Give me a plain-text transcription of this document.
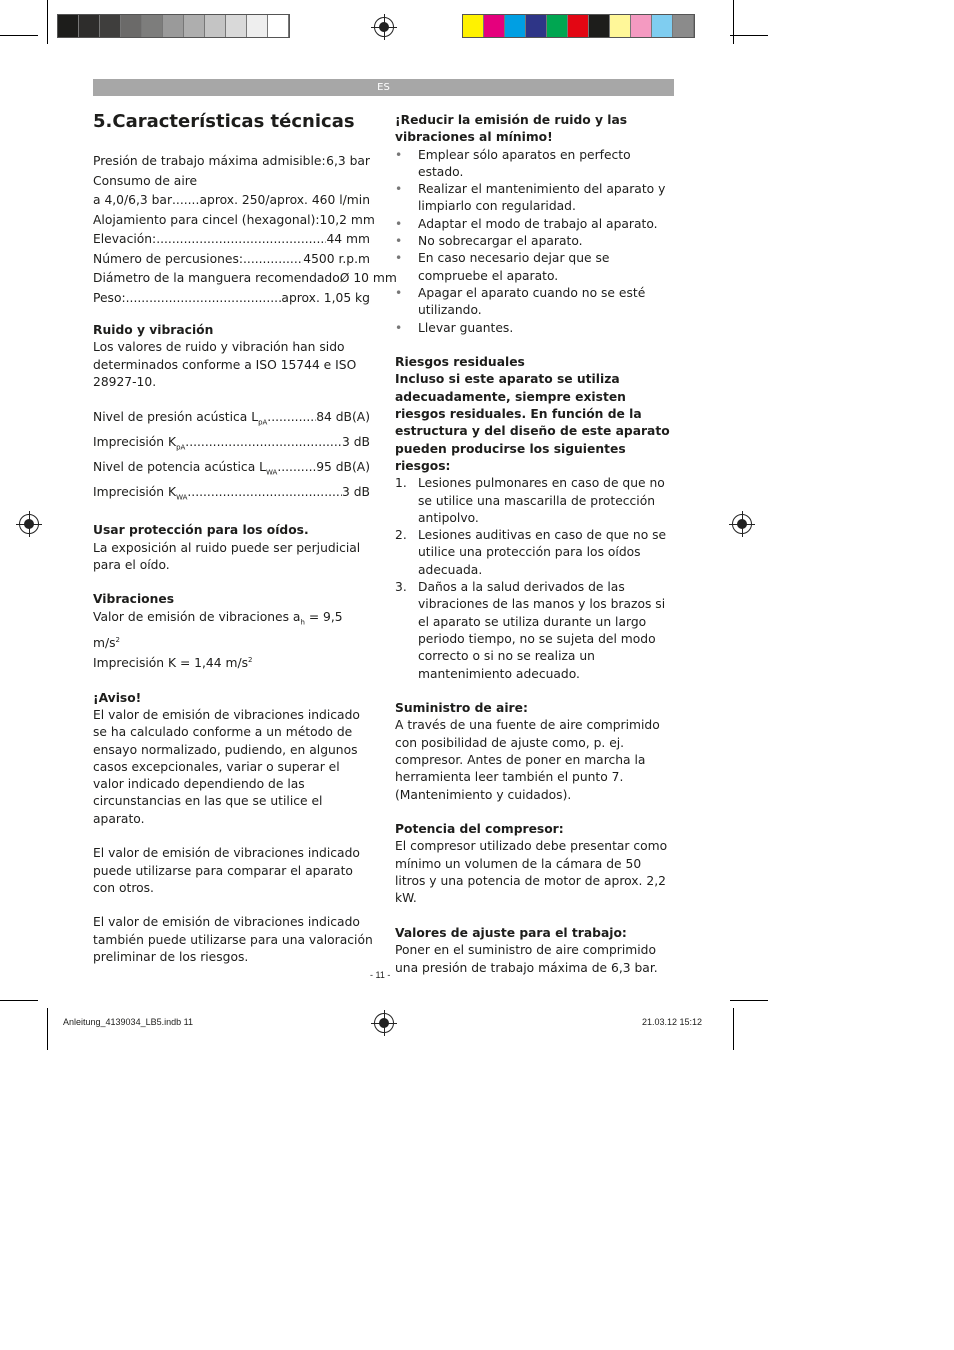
ES
5.Características técnicas
Presión de trabajo máxima admisible: ..... 6,3 bar
Consumo de aire
a 4,0/6,3 bar ..... aprox. 250/aprox. 460 l/min
Alojamiento para cincel (hexagonal): 10,2 mm
Elevación: .....	44 mm
Número de percusiones: .....	4500 r.p.m
Diámetro de la manguera recomendado Ø 10 mm
Peso: .....	aprox. 1,05 kg

Ruido y vibración

Los valores de ruido y vibración han sido determinados conforme a ISO 15744 e ISO 28927-10.

Nivel de presión acústica $L_{pA}$ .....	84 dB(A)
Imprecisión $K_{pA}$ .....	3 dB
Nivel de potencia acústica $L_{WA}$ .....	95 dB(A)
Imprecisión $K_{WA}$ .....	3 dB

Usar protección para los oídos.

La exposición al ruido puede ser perjudicial para el oído.

Vibraciones

Valor de emisión de vibraciones $a_h = 9,5$ $m/s^2$

Imprecisión K = 1,44 $m/s^2$

¡Aviso!

El valor de emisión de vibraciones indicado se ha calculado conforme a un método de ensayo normalizado, pudiendo, en algunos casos excepcionales, variar o superar el valor indicado dependiendo de las circunstancias en las que se utilice el aparato.

El valor de emisión de vibraciones indicado puede utilizarse para comparar el aparato con otros.

El valor de emisión de vibraciones indicado también puede utilizarse para una valoración preliminar de los riesgos.

¡Reducir la emisión de ruido y las vibraciones al mínimo!

• Emplear sólo aparatos en perfecto estado.
• Realizar el mantenimiento del aparato y limpiarlo con regularidad.
• Adaptar el modo de trabajo al aparato.
• No sobrecargar el aparato.
• En caso necesario dejar que se compruebe el aparato.
• Apagar el aparato cuando no se esté utilizando.
• Llevar guantes.

Riesgos residuales

Incluso si este aparato se utiliza adecuadamente, siempre existen riesgos residuales. En función de la estructura y del diseño de este aparato pueden producirse los siguientes riesgos:

1. Lesiones pulmonares en caso de que no se utilice una mascarilla de protección antipolvo.
2. Lesiones auditivas en caso de que no se utilice una protección para los oídos adecuada.
3. Daños a la salud derivados de las vibraciones de las manos y los brazos si el aparato se utiliza durante un largo periodo tiempo, no se sujeta del modo correcto o si no se realiza un mantenimiento adecuado.

Suministro de aire:

A través de una fuente de aire comprimido con posibilidad de ajuste como, p. ej. compresor. Antes de poner en marcha la herramienta leer también el punto 7. (Mantenimiento y cuidados).

Potencia del compresor:

El compresor utilizado debe presentar como mínimo un volumen de la cámara de 50 litros y una potencia de motor de aprox. 2,2 kW.

Valores de ajuste para el trabajo:

Poner en el suministro de aire comprimido una presión de trabajo máxima de 6,3 bar.

- 11 -
Anleitung_4139034_LB5.indb 11	21.03.12 15:12
